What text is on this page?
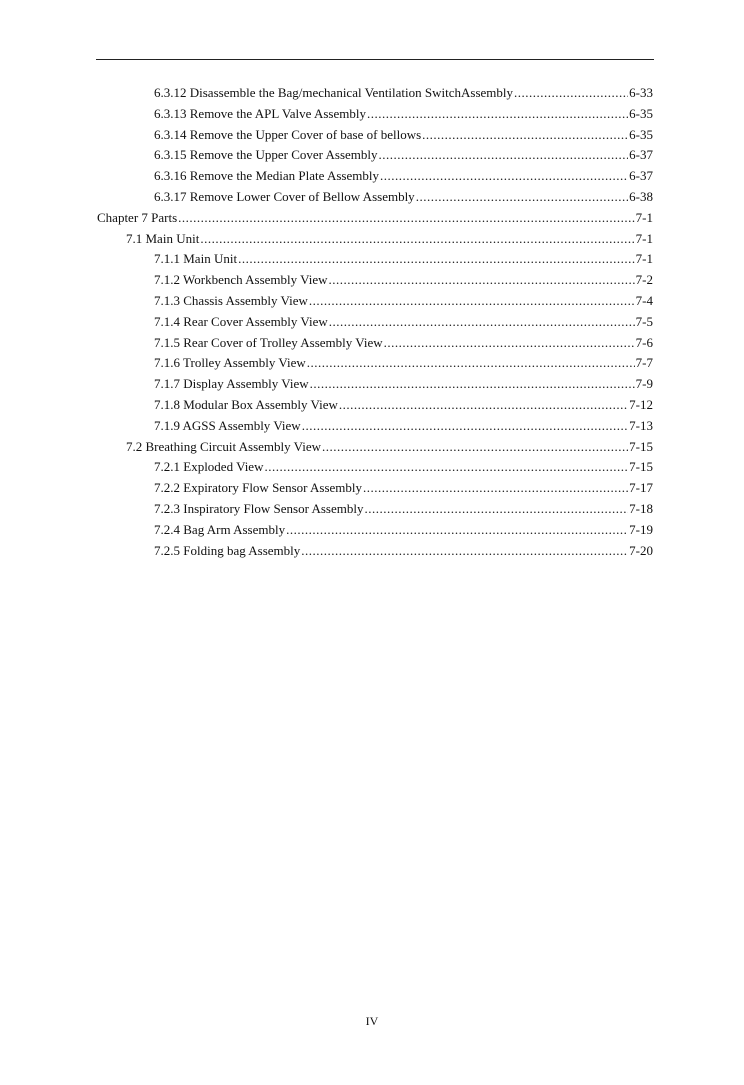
6.3.12 Disassemble the Bag/mechanical Ventilation SwitchAssembly .....	6-33
6.3.13 Remove the APL Valve Assembly .....	6-35
6.3.14 Remove the Upper Cover of base of bellows .....	6-35
6.3.15 Remove the Upper Cover Assembly .....	6-37
6.3.16 Remove the Median Plate Assembly .....	6-37
6.3.17 Remove Lower Cover of Bellow Assembly .....	6-38
Chapter 7 Parts .....	7-1
7.1 Main Unit .....	7-1
7.1.1 Main Unit .....	7-1
7.1.2 Workbench Assembly View .....	7-2
7.1.3 Chassis Assembly View .....	7-4
7.1.4 Rear Cover Assembly View .....	7-5
7.1.5 Rear Cover of Trolley Assembly View .....	7-6
7.1.6 Trolley Assembly View .....	7-7
7.1.7 Display Assembly View .....	7-9
7.1.8 Modular Box Assembly View .....	7-12
7.1.9 AGSS Assembly View .....	7-13
7.2 Breathing Circuit Assembly View .....	7-15
7.2.1 Exploded View .....	7-15
7.2.2 Expiratory Flow Sensor Assembly .....	7-17
7.2.3 Inspiratory Flow Sensor Assembly .....	7-18
7.2.4 Bag Arm Assembly .....	7-19
7.2.5 Folding bag Assembly .....	7-20
IV
